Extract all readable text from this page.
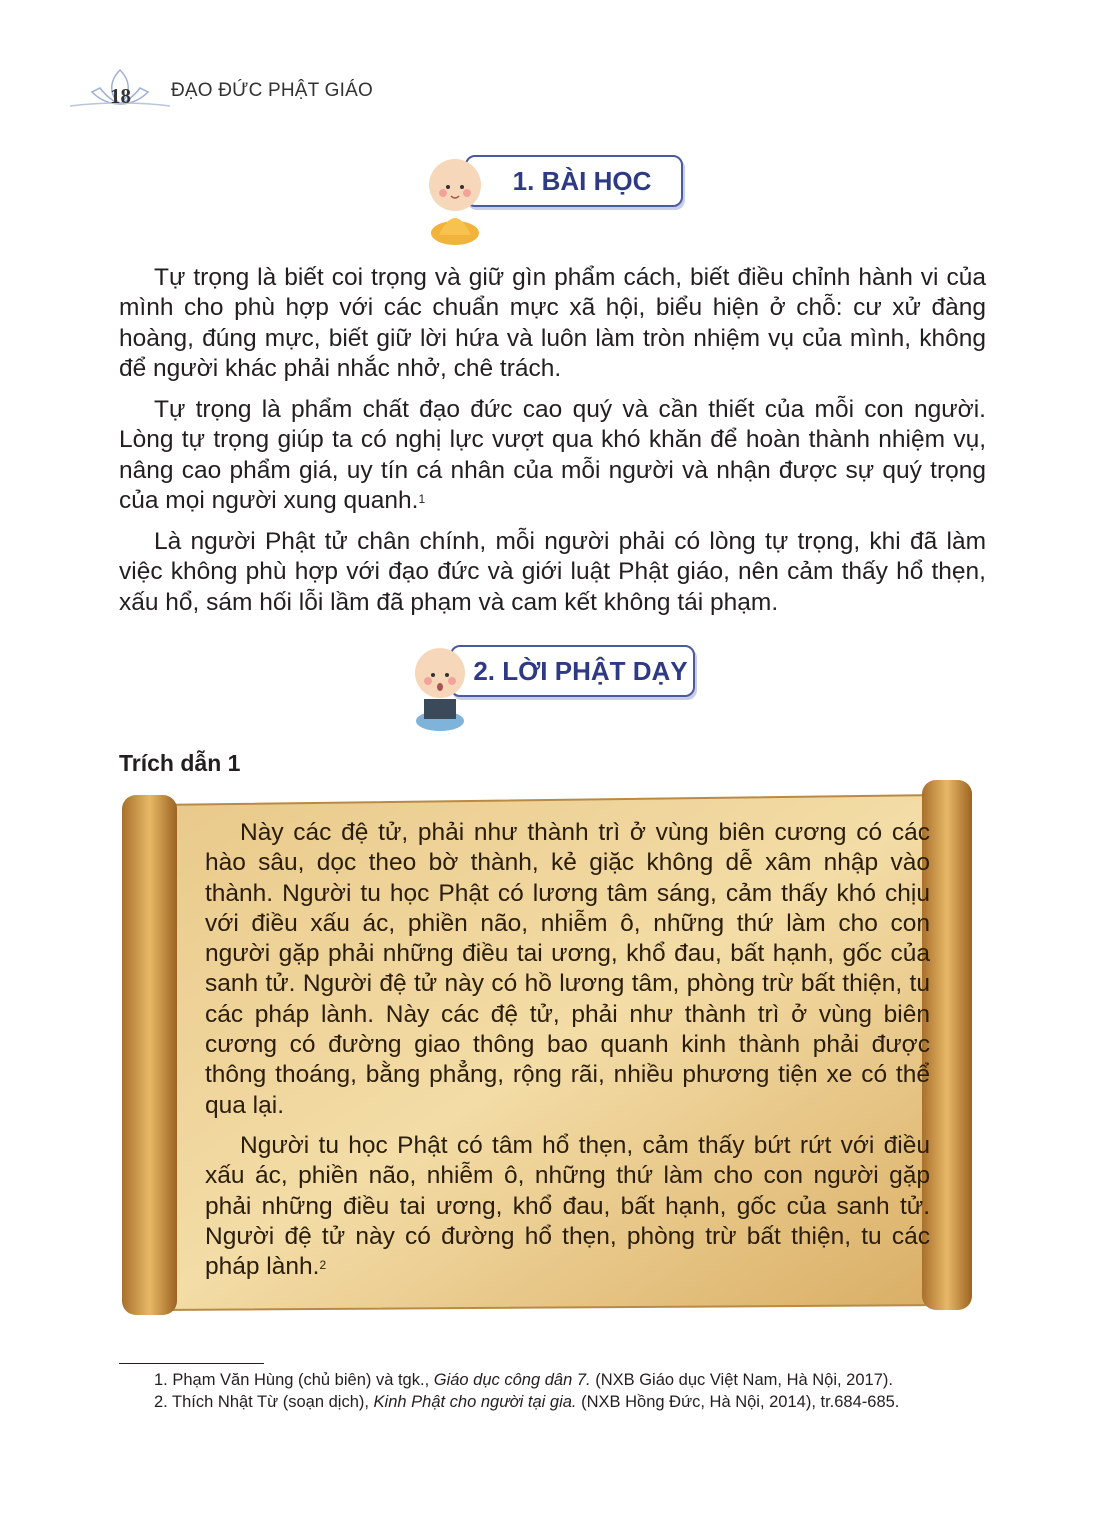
18 ĐẠO ĐỨC PHẬT GIÁO
1. BÀI HỌC

Tự trọng là biết coi trọng và giữ gìn phẩm cách, biết điều chỉnh hành vi của mình cho phù hợp với các chuẩn mực xã hội, biểu hiện ở chỗ: cư xử đàng hoàng, đúng mực, biết giữ lời hứa và luôn làm tròn nhiệm vụ của mình, không để người khác phải nhắc nhở, chê trách.

Tự trọng là phẩm chất đạo đức cao quý và cần thiết của mỗi con người. Lòng tự trọng giúp ta có nghị lực vượt qua khó khăn để hoàn thành nhiệm vụ, nâng cao phẩm giá, uy tín cá nhân của mỗi người và nhận được sự quý trọng của mọi người xung quanh.$^1$

Là người Phật tử chân chính, mỗi người phải có lòng tự trọng, khi đã làm việc không phù hợp với đạo đức và giới luật Phật giáo, nên cảm thấy hổ thẹn, xấu hổ, sám hối lỗi lầm đã phạm và cam kết không tái phạm.

2. LỜI PHẬT DẠY
Trích dẫn 1

Này các đệ tử, phải như thành trì ở vùng biên cương có các hào sâu, dọc theo bờ thành, kẻ giặc không dễ xâm nhập vào thành. Người tu học Phật có lương tâm sáng, cảm thấy khó chịu với điều xấu ác, phiền não, nhiễm ô, những thứ làm cho con người gặp phải những điều tai ương, khổ đau, bất hạnh, gốc của sanh tử. Người đệ tử này có hồ lương tâm, phòng trừ bất thiện, tu các pháp lành. Này các đệ tử, phải như thành trì ở vùng biên cương có đường giao thông bao quanh kinh thành phải được thông thoáng, bằng phẳng, rộng rãi, nhiều phương tiện xe có thể qua lại.

Người tu học Phật có tâm hổ thẹn, cảm thấy bứt rứt với điều xấu ác, phiền não, nhiễm ô, những thứ làm cho con người gặp phải những điều tai ương, khổ đau, bất hạnh, gốc của sanh tử. Người đệ tử này có đường hổ thẹn, phòng trừ bất thiện, tu các pháp lành.$^2$

1. Phạm Văn Hùng (chủ biên) và tgk., Giáo dục công dân 7. (NXB Giáo dục Việt Nam, Hà Nội, 2017).
2. Thích Nhật Từ (soạn dịch), Kinh Phật cho người tại gia. (NXB Hồng Đức, Hà Nội, 2014), tr.684-685.
